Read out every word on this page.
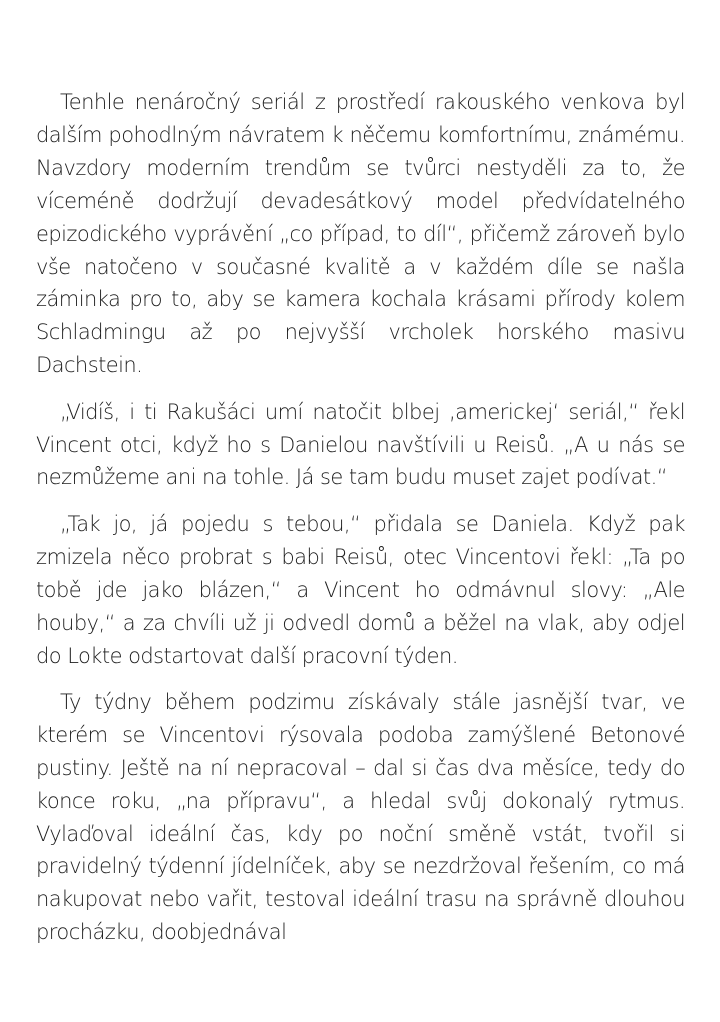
Tenhle nenáročný seriál z prostředí rakouského venkova byl dalším pohodlným návratem k něčemu komfortnímu, známému. Navzdory moderním trendům se tvůrci nestyděli za to, že víceméně dodržují devadesátkový model předvídatelného epizodického vyprávění „co případ, to díl“, přičemž zároveň bylo vše natočeno v současné kvalitě a v každém díle se našla záminka pro to, aby se kamera kochala krásami přírody kolem Schladmingu až po nejvyšší vrcholek horského masivu Dachstein.

„Vidíš, i ti Rakušáci umí natočit blbej ‚americkej‘ seriál,“ řekl Vincent otci, když ho s Danielou navštívili u Reisů. „A u nás se nezmůžeme ani na tohle. Já se tam budu muset zajet podívat.“

„Tak jo, já pojedu s tebou,“ přidala se Daniela. Když pak zmizela něco probrat s babi Reisů, otec Vincentovi řekl: „Ta po tobě jde jako blázen,“ a Vincent ho odmávnul slovy: „Ale houby,“ a za chvíli už ji odvedl domů a běžel na vlak, aby odjel do Lokte odstartovat další pracovní týden.

Ty týdny během podzimu získávaly stále jasnější tvar, ve kterém se Vincentovi rýsovala podoba zamýšlené Betonové pustiny. Ještě na ní nepracoval – dal si čas dva měsíce, tedy do konce roku, „na přípravu“, a hledal svůj dokonalý rytmus. Vylaďoval ideální čas, kdy po noční směně vstát, tvořil si pravidelný týdenní jídelníček, aby se nezdržoval řešením, co má nakupovat nebo vařit, testoval ideální trasu na správně dlouhou procházku, doobjednával
